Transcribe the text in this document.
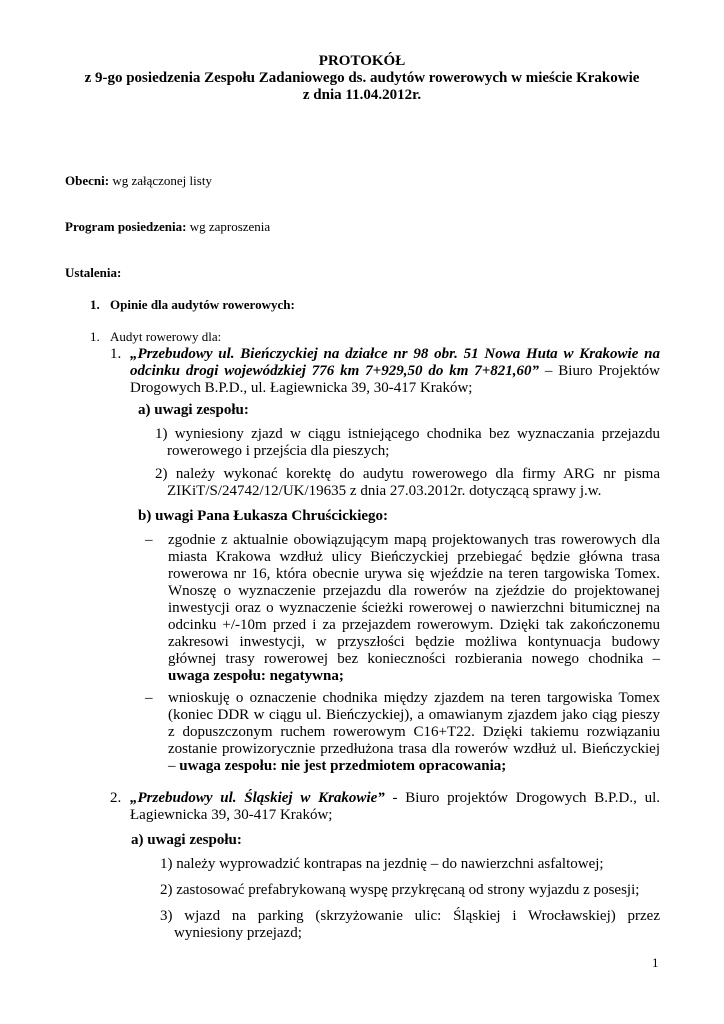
PROTOKÓŁ
z 9-go posiedzenia Zespołu Zadaniowego ds. audytów rowerowych w mieście Krakowie
z dnia 11.04.2012r.
Obecni: wg załączonej listy
Program posiedzenia: wg zaproszenia
Ustalenia:
1. Opinie dla audytów rowerowych:
1. Audyt rowerowy dla:
1. „Przebudowy ul. Bieńczyckiej na działce nr 98 obr. 51 Nowa Huta w Krakowie na odcinku drogi wojewódzkiej 776 km 7+929,50 do km 7+821,60” – Biuro Projektów Drogowych B.P.D., ul. Łagiewnicka 39, 30-417 Kraków;
a) uwagi zespołu:

1) wyniesiony zjazd w ciągu istniejącego chodnika bez wyznaczania przejazdu rowerowego i przejścia dla pieszych;

2) należy wykonać korektę do audytu rowerowego dla firmy ARG nr pisma ZIKiT/S/24742/12/UK/19635 z dnia 27.03.2012r. dotyczącą sprawy j.w.

b) uwagi Pana Łukasza Chruścickiego:
– zgodnie z aktualnie obowiązującym mapą projektowanych tras rowerowych dla miasta Krakowa wzdłuż ulicy Bieńczyckiej przebiegać będzie główna trasa rowerowa nr 16, która obecnie urywa się wjeździe na teren targowiska Tomex. Wnoszę o wyznaczenie przejazdu dla rowerów na zjeździe do projektowanej inwestycji oraz o wyznaczenie ścieżki rowerowej o nawierzchni bitumicznej na odcinku +/-10m przed i za przejazdem rowerowym. Dzięki tak zakończonemu zakresowi inwestycji, w przyszłości będzie możliwa kontynuacja budowy głównej trasy rowerowej bez konieczności rozbierania nowego chodnika – uwaga zespołu: negatywna;
– wnioskuję o oznaczenie chodnika między zjazdem na teren targowiska Tomex (koniec DDR w ciągu ul. Bieńczyckiej), a omawianym zjazdem jako ciąg pieszy z dopuszczonym ruchem rowerowym C16+T22. Dzięki takiemu rozwiązaniu zostanie prowizorycznie przedłużona trasa dla rowerów wzdłuż ul. Bieńczyckiej – uwaga zespołu: nie jest przedmiotem opracowania;
2. „Przebudowy ul. Śląskiej w Krakowie” - Biuro projektów Drogowych B.P.D., ul. Łagiewnicka 39, 30-417 Kraków;
a) uwagi zespołu:
1) należy wyprowadzić kontrapas na jezdnię – do nawierzchni asfaltowej;
2) zastosować prefabrykowaną wyspę przykręcaną od strony wyjazdu z posesji;

3) wjazd na parking (skrzyżowanie ulic: Śląskiej i Wrocławskiej) przez wyniesiony przejazd;

1
